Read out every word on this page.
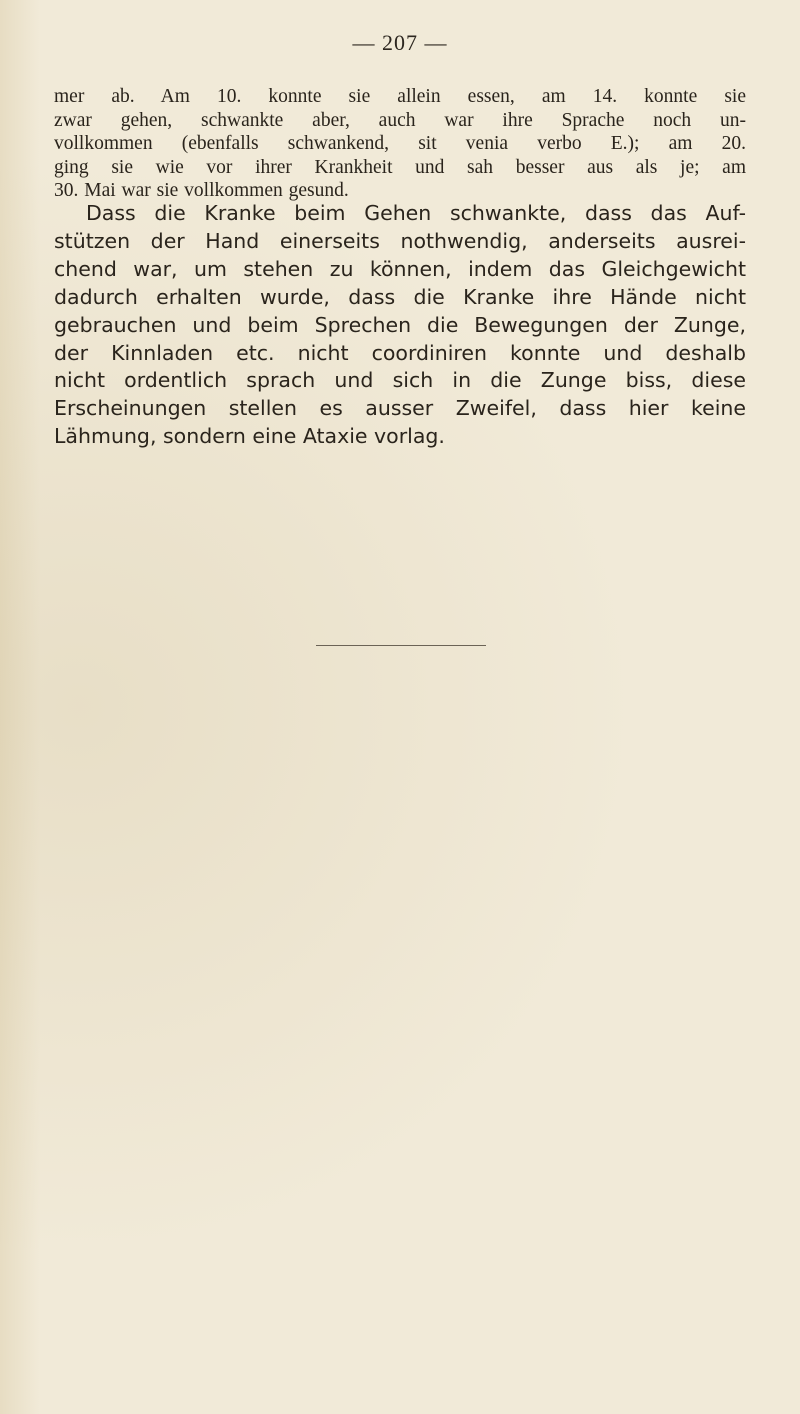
— 207 —
mer ab. Am 10. konnte sie allein essen, am 14. konnte sie
zwar gehen, schwankte aber, auch war ihre Sprache noch un-
vollkommen (ebenfalls schwankend, sit venia verbo E.); am 20.
ging sie wie vor ihrer Krankheit und sah besser aus als je; am
30. Mai war sie vollkommen gesund.
Dass die Kranke beim Gehen schwankte, dass das Auf-
stützen der Hand einerseits nothwendig, anderseits ausrei-
chend war, um stehen zu können, indem das Gleichgewicht
dadurch erhalten wurde, dass die Kranke ihre Hände nicht
gebrauchen und beim Sprechen die Bewegungen der Zunge,
der Kinnladen etc. nicht coordiniren konnte und deshalb
nicht ordentlich sprach und sich in die Zunge biss, diese
Erscheinungen stellen es ausser Zweifel, dass hier keine
Lähmung, sondern eine Ataxie vorlag.
